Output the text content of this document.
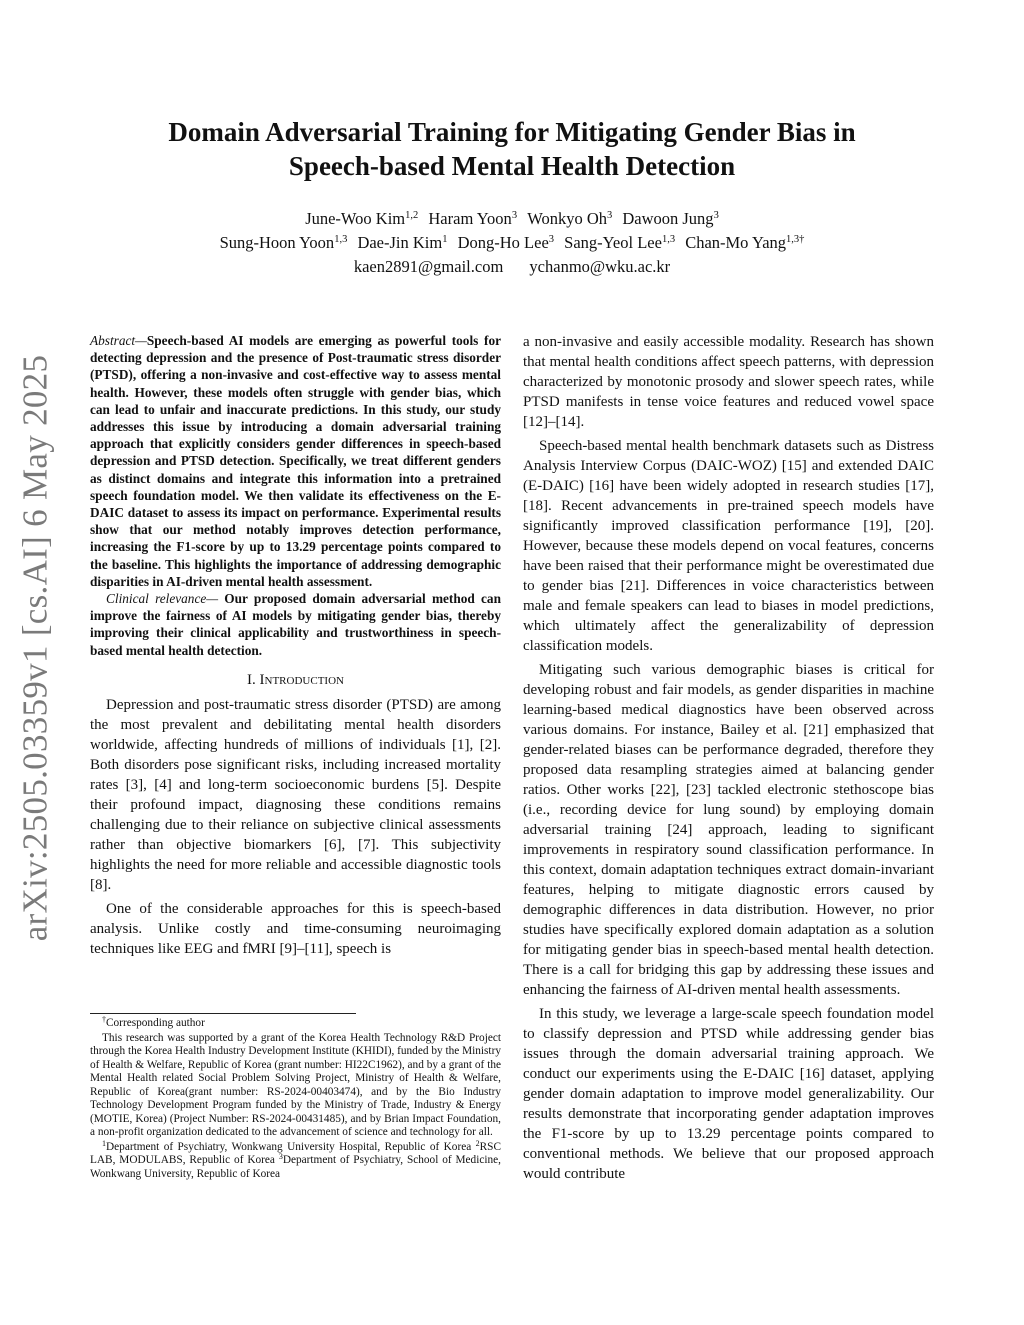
arXiv:2505.03359v1 [cs.AI] 6 May 2025
Domain Adversarial Training for Mitigating Gender Bias in
Speech-based Mental Health Detection
June-Woo Kim$^{1,2}$ Haram Yoon$^3$ Wonkyo Oh$^3$ Dawoon Jung$^3$
Sung-Hoon Yoon$^{1,3}$ Dae-Jin Kim$^1$ Dong-Ho Lee$^3$ Sang-Yeol Lee$^{1,3}$ Chan-Mo Yang$^{1,3\dagger}$
kaen2891@gmail.com ychanmo@wku.ac.kr

Abstract—Speech-based AI models are emerging as powerful tools for detecting depression and the presence of Post-traumatic stress disorder (PTSD), offering a non-invasive and cost-effective way to assess mental health. However, these models often struggle with gender bias, which can lead to unfair and inaccurate predictions. In this study, our study addresses this issue by introducing a domain adversarial training approach that explicitly considers gender differences in speech-based depression and PTSD detection. Specifically, we treat different genders as distinct domains and integrate this information into a pretrained speech foundation model. We then validate its effectiveness on the E-DAIC dataset to assess its impact on performance. Experimental results show that our method notably improves detection performance, increasing the F1-score by up to 13.29 percentage points compared to the baseline. This highlights the importance of addressing demographic disparities in AI-driven mental health assessment.

Clinical relevance— Our proposed domain adversarial method can improve the fairness of AI models by mitigating gender bias, thereby improving their clinical applicability and trustworthiness in speech-based mental health detection.

I. Introduction

Depression and post-traumatic stress disorder (PTSD) are among the most prevalent and debilitating mental health disorders worldwide, affecting hundreds of millions of individuals [1], [2]. Both disorders pose significant risks, including increased mortality rates [3], [4] and long-term socioeconomic burdens [5]. Despite their profound impact, diagnosing these conditions remains challenging due to their reliance on subjective clinical assessments rather than objective biomarkers [6], [7]. This subjectivity highlights the need for more reliable and accessible diagnostic tools [8].

One of the considerable approaches for this is speech-based analysis. Unlike costly and time-consuming neuroimaging techniques like EEG and fMRI [9]–[11], speech is

†Corresponding author

This research was supported by a grant of the Korea Health Technology R&D Project through the Korea Health Industry Development Institute (KHIDI), funded by the Ministry of Health & Welfare, Republic of Korea (grant number: HI22C1962), and by a grant of the Mental Health related Social Problem Solving Project, Ministry of Health & Welfare, Republic of Korea(grant number: RS-2024-00403474), and by the Bio Industry Technology Development Program funded by the Ministry of Trade, Industry & Energy (MOTIE, Korea) (Project Number: RS-2024-00431485), and by Brian Impact Foundation, a non-profit organization dedicated to the advancement of science and technology for all.

$^1$Department of Psychiatry, Wonkwang University Hospital, Republic of Korea $^2$RSC LAB, MODULABS, Republic of Korea $^3$Department of Psychiatry, School of Medicine, Wonkwang University, Republic of Korea

a non-invasive and easily accessible modality. Research has shown that mental health conditions affect speech patterns, with depression characterized by monotonic prosody and slower speech rates, while PTSD manifests in tense voice features and reduced vowel space [12]–[14].

Speech-based mental health benchmark datasets such as Distress Analysis Interview Corpus (DAIC-WOZ) [15] and extended DAIC (E-DAIC) [16] have been widely adopted in research studies [17], [18]. Recent advancements in pre-trained speech models have significantly improved classification performance [19], [20]. However, because these models depend on vocal features, concerns have been raised that their performance might be overestimated due to gender bias [21]. Differences in voice characteristics between male and female speakers can lead to biases in model predictions, which ultimately affect the generalizability of depression classification models.

Mitigating such various demographic biases is critical for developing robust and fair models, as gender disparities in machine learning-based medical diagnostics have been observed across various domains. For instance, Bailey et al. [21] emphasized that gender-related biases can be performance degraded, therefore they proposed data resampling strategies aimed at balancing gender ratios. Other works [22], [23] tackled electronic stethoscope bias (i.e., recording device for lung sound) by employing domain adversarial training [24] approach, leading to significant improvements in respiratory sound classification performance. In this context, domain adaptation techniques extract domain-invariant features, helping to mitigate diagnostic errors caused by demographic differences in data distribution. However, no prior studies have specifically explored domain adaptation as a solution for mitigating gender bias in speech-based mental health detection. There is a call for bridging this gap by addressing these issues and enhancing the fairness of AI-driven mental health assessments.

In this study, we leverage a large-scale speech foundation model to classify depression and PTSD while addressing gender bias issues through the domain adversarial training approach. We conduct our experiments using the E-DAIC [16] dataset, applying gender domain adaptation to improve model generalizability. Our results demonstrate that incorporating gender adaptation improves the F1-score by up to 13.29 percentage points compared to conventional methods. We believe that our proposed approach would contribute
